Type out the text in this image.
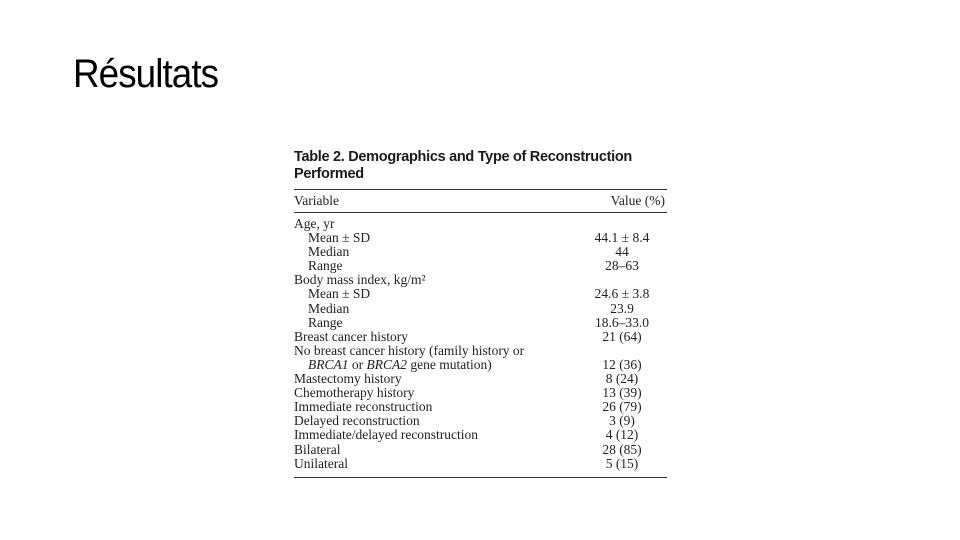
Résultats
Table 2. Demographics and Type of Reconstruction
Performed
Variable	Value (%)
Age, yr	
Mean ± SD	44.1 ± 8.4
Median	44
Range	28–63
Body mass index, kg/m²	
Mean ± SD	24.6 ± 3.8
Median	23.9
Range	18.6–33.0
Breast cancer history	21 (64)
No breast cancer history (family history or	
BRCA1 or BRCA2 gene mutation)	12 (36)
Mastectomy history	8 (24)
Chemotherapy history	13 (39)
Immediate reconstruction	26 (79)
Delayed reconstruction	3 (9)
Immediate/delayed reconstruction	4 (12)
Bilateral	28 (85)
Unilateral	5 (15)
